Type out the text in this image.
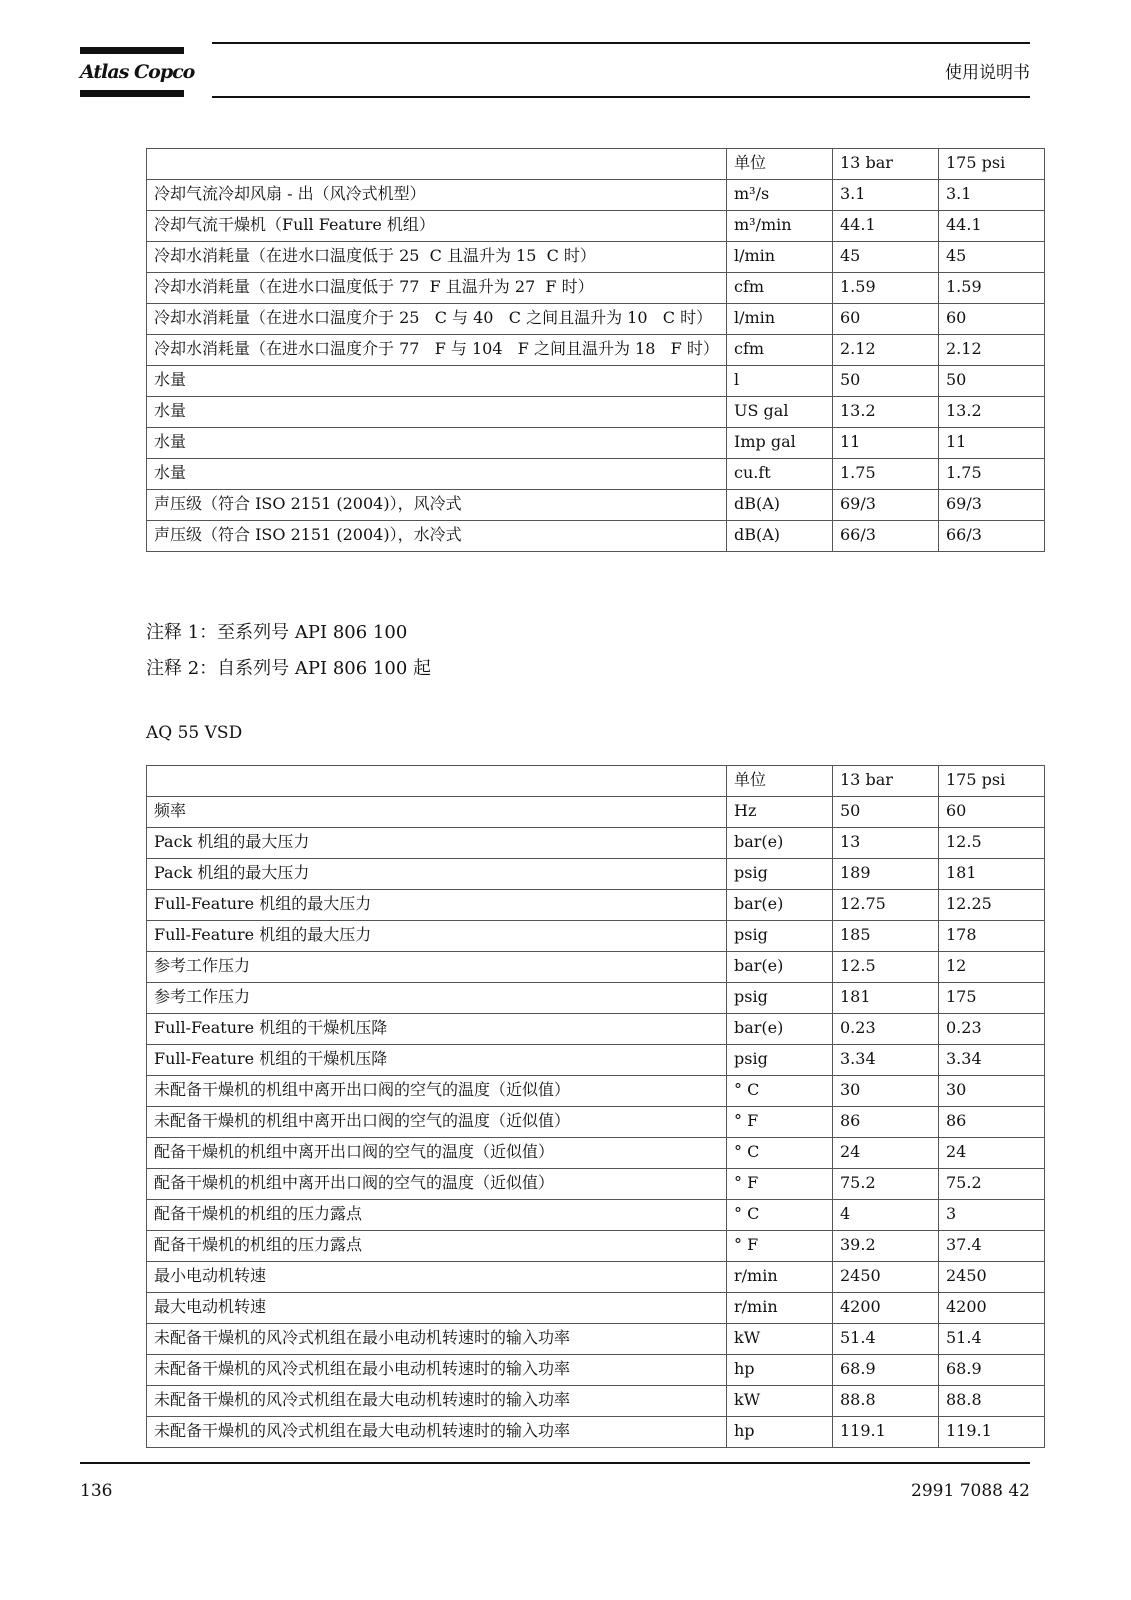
Atlas Copco	使用说明书
	单位	13 bar	175 psi
冷却气流冷却风扇 - 出（风冷式机型）	m³/s	3.1	3.1
冷却气流干燥机（Full Feature 机组）	m³/min	44.1	44.1
冷却水消耗量（在进水口温度低于 25  C 且温升为 15  C 时）	l/min	45	45
冷却水消耗量（在进水口温度低于 77  F 且温升为 27  F 时）	cfm	1.59	1.59
冷却水消耗量（在进水口温度介于 25   C 与 40   C 之间且温升为 10   C 时）	l/min	60	60
冷却水消耗量（在进水口温度介于 77   F 与 104   F 之间且温升为 18   F 时）	cfm	2.12	2.12
水量	l	50	50
水量	US gal	13.2	13.2
水量	Imp gal	11	11
水量	cu.ft	1.75	1.75
声压级（符合 ISO 2151 (2004)），风冷式	dB(A)	69/3	69/3
声压级（符合 ISO 2151 (2004)），水冷式	dB(A)	66/3	66/3
注释 1：至系列号 API 806 100
注释 2：自系列号 API 806 100 起
AQ 55 VSD
	单位	13 bar	175 psi
频率	Hz	50	60
Pack 机组的最大压力	bar(e)	13	12.5
Pack 机组的最大压力	psig	189	181
Full-Feature 机组的最大压力	bar(e)	12.75	12.25
Full-Feature 机组的最大压力	psig	185	178
参考工作压力	bar(e)	12.5	12
参考工作压力	psig	181	175
Full-Feature 机组的干燥机压降	bar(e)	0.23	0.23
Full-Feature 机组的干燥机压降	psig	3.34	3.34
未配备干燥机的机组中离开出口阀的空气的温度（近似值）	° C	30	30
未配备干燥机的机组中离开出口阀的空气的温度（近似值）	° F	86	86
配备干燥机的机组中离开出口阀的空气的温度（近似值）	° C	24	24
配备干燥机的机组中离开出口阀的空气的温度（近似值）	° F	75.2	75.2
配备干燥机的机组的压力露点	° C	4	3
配备干燥机的机组的压力露点	° F	39.2	37.4
最小电动机转速	r/min	2450	2450
最大电动机转速	r/min	4200	4200
未配备干燥机的风冷式机组在最小电动机转速时的输入功率	kW	51.4	51.4
未配备干燥机的风冷式机组在最小电动机转速时的输入功率	hp	68.9	68.9
未配备干燥机的风冷式机组在最大电动机转速时的输入功率	kW	88.8	88.8
未配备干燥机的风冷式机组在最大电动机转速时的输入功率	hp	119.1	119.1
136	2991 7088 42
